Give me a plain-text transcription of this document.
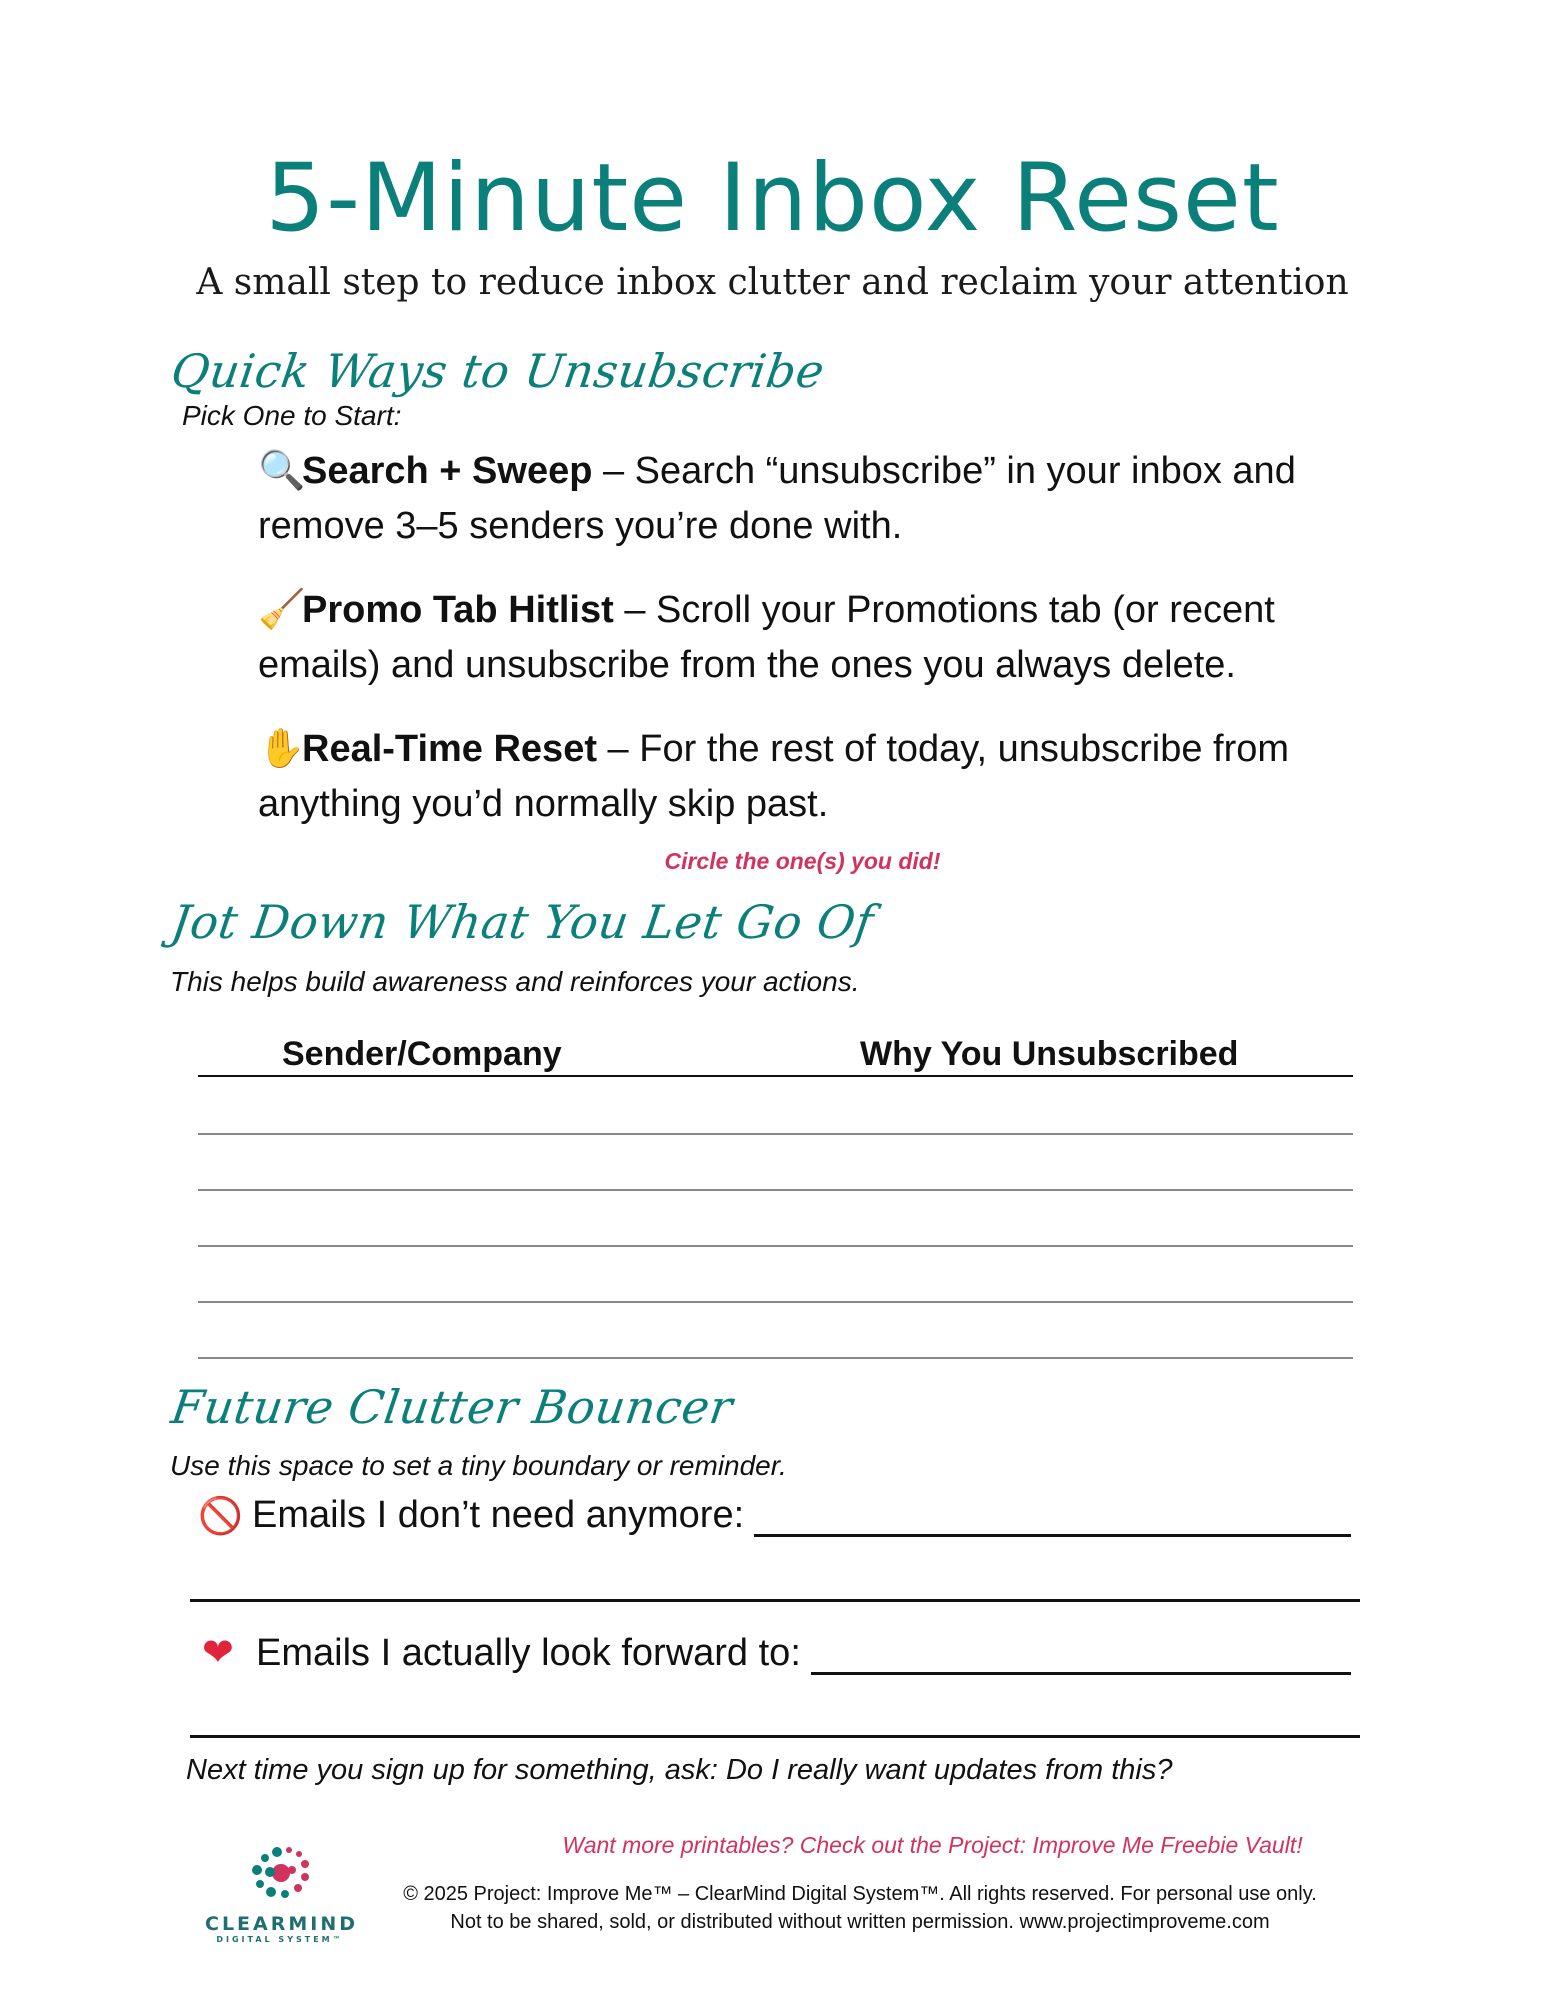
5-Minute Inbox Reset
A small step to reduce inbox clutter and reclaim your attention
Quick Ways to Unsubscribe
Pick One to Start:
🔍Search + Sweep – Search “unsubscribe” in your inbox and remove 3–5 senders you’re done with.
🧹Promo Tab Hitlist – Scroll your Promotions tab (or recent emails) and unsubscribe from the ones you always delete.
✋Real-Time Reset – For the rest of today, unsubscribe from anything you’d normally skip past.
Circle the one(s) you did!
Jot Down What You Let Go Of
This helps build awareness and reinforces your actions.
Sender/Company	Why You Unsubscribed
Future Clutter Bouncer
Use this space to set a tiny boundary or reminder.
🚫 Emails I don’t need anymore:
❤ Emails I actually look forward to:
Next time you sign up for something, ask: Do I really want updates from this?
Want more printables? Check out the Project: Improve Me Freebie Vault!
© 2025 Project: Improve Me™ – ClearMind Digital System™. All rights reserved. For personal use only.
Not to be shared, sold, or distributed without written permission. www.projectimproveme.com
CLEARMIND
DIGITAL SYSTEM™
